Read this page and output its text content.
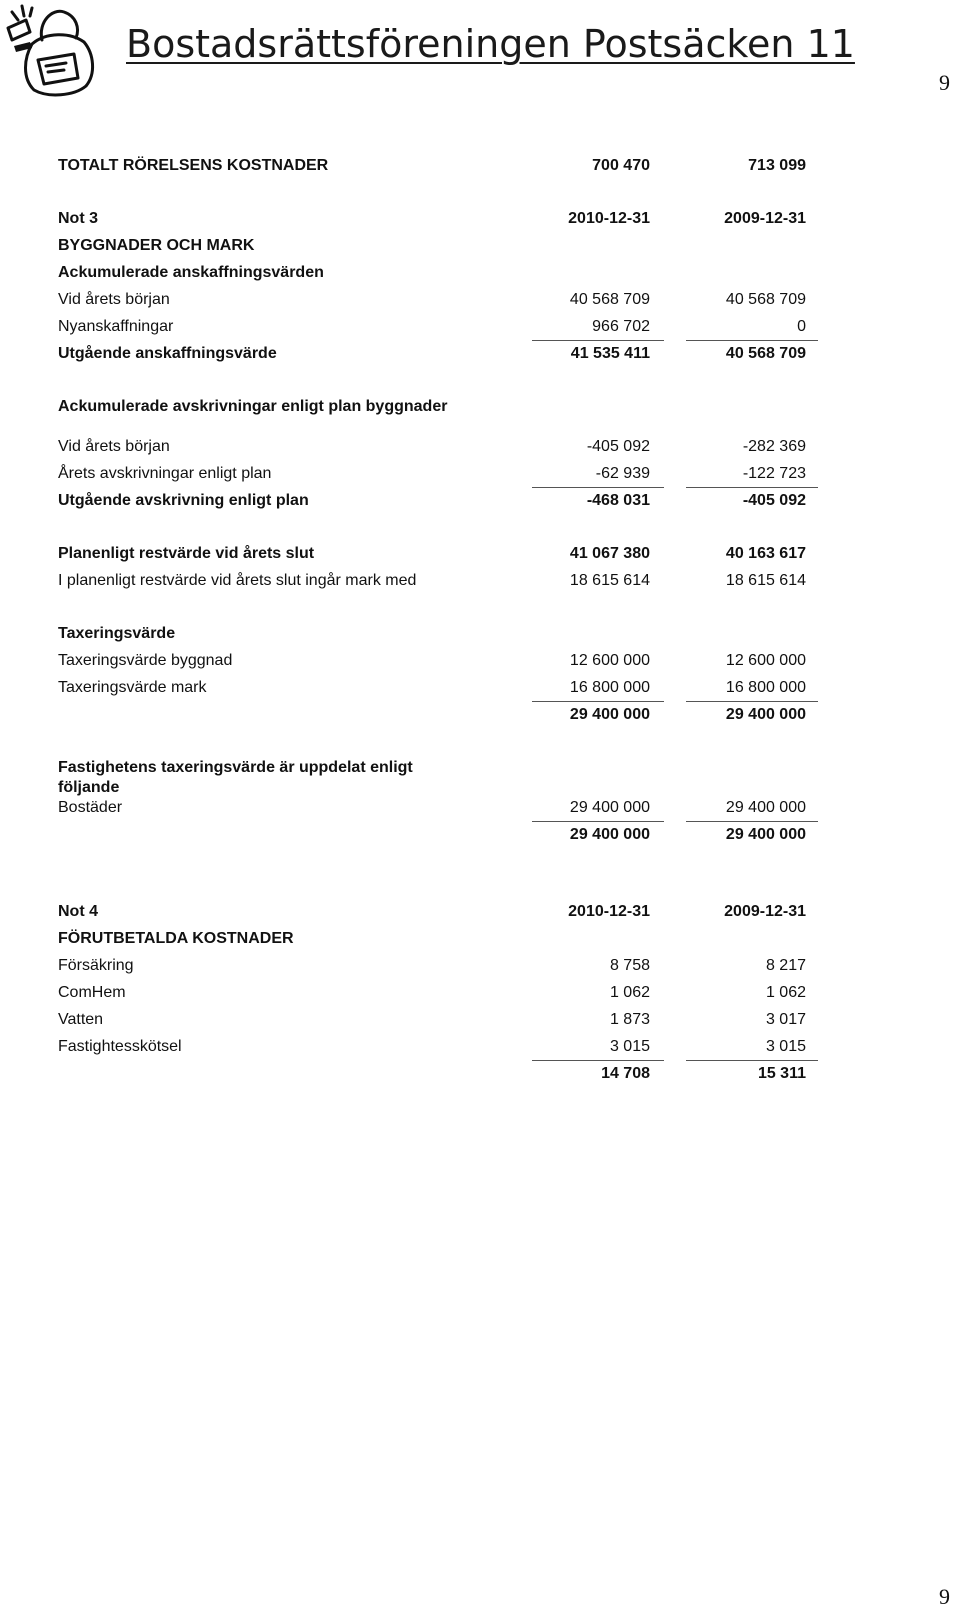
Bostadsrättsföreningen Postsäcken 11
9
TOTALT RÖRELSENS KOSTNADER	700 470	713 099
Not 3	2010-12-31	2009-12-31
BYGGNADER OCH MARK
Ackumulerade anskaffningsvärden
Vid årets början	40 568 709	40 568 709
Nyanskaffningar	966 702	0
Utgående anskaffningsvärde	41 535 411	40 568 709
Ackumulerade avskrivningar enligt plan byggnader
Vid årets början	-405 092	-282 369
Årets avskrivningar enligt plan	-62 939	-122 723
Utgående avskrivning enligt plan	-468 031	-405 092
Planenligt restvärde vid årets slut	41 067 380	40 163 617
I planenligt restvärde vid årets slut ingår mark med	18 615 614	18 615 614
Taxeringsvärde
Taxeringsvärde byggnad	12 600 000	12 600 000
Taxeringsvärde mark	16 800 000	16 800 000
29 400 000	29 400 000
Fastighetens taxeringsvärde är uppdelat enligt följande
Bostäder	29 400 000	29 400 000
29 400 000	29 400 000
Not 4	2010-12-31	2009-12-31
FÖRUTBETALDA KOSTNADER
Försäkring	8 758	8 217
ComHem	1 062	1 062
Vatten	1 873	3 017
Fastightesskötsel	3 015	3 015
14 708	15 311
9
